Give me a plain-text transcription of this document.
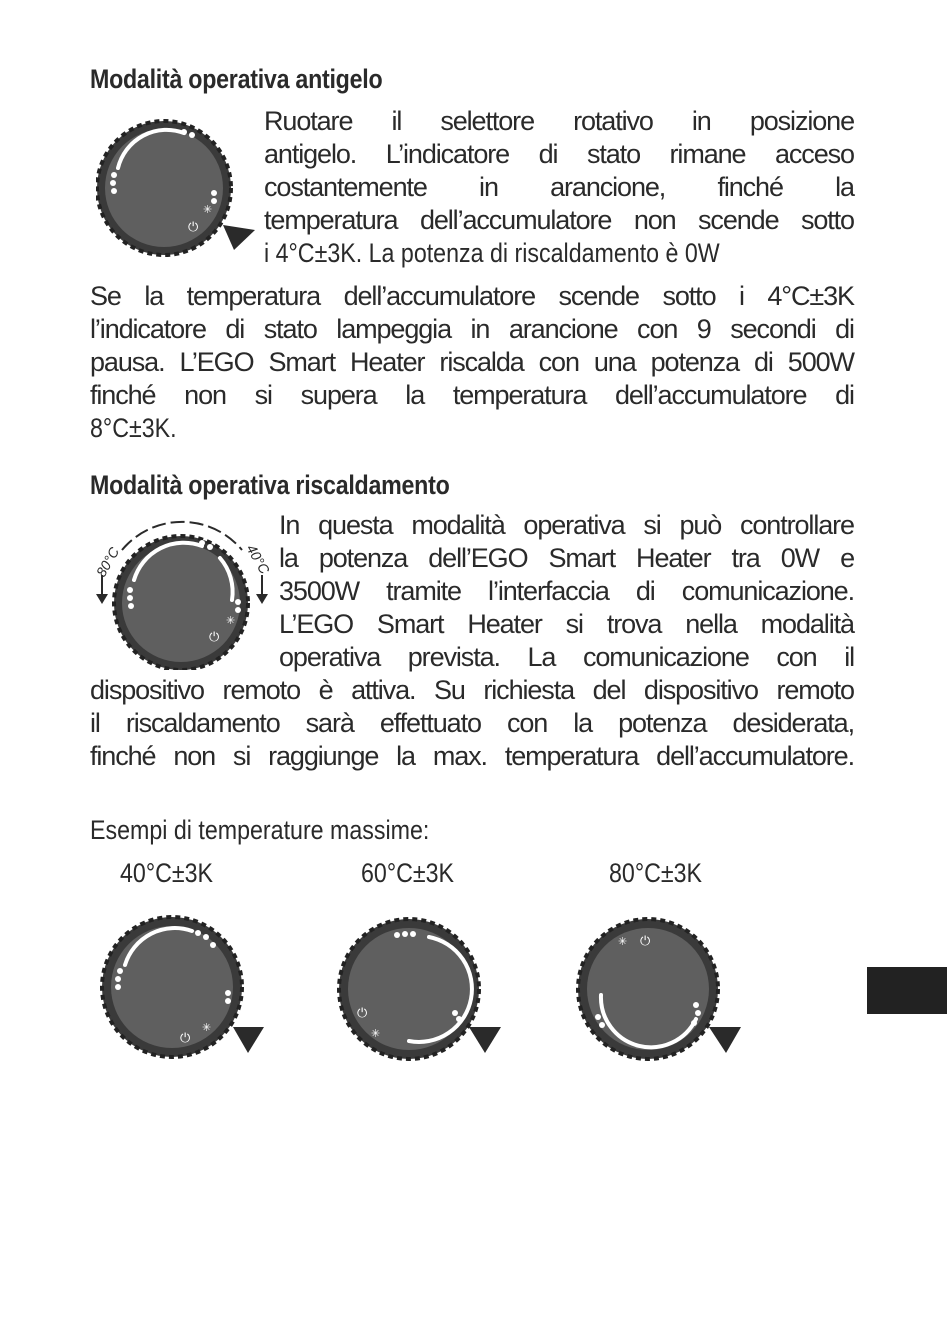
Modalità operativa antigelo
✳
⏻
Ruotare il selettore rotativo in posizione
antigelo. L’indicatore di stato rimane acceso
costantemente in arancione, finché la
temperatura dell’accumulatore non scende sotto
i 4°C±3K. La potenza di riscaldamento è 0W
Se la temperatura dell’accumulatore scende sotto i 4°C±3K
l’indicatore di stato lampeggia in arancione con 9 secondi di
pausa. L’EGO Smart Heater riscalda con una potenza di 500W
finché non si supera la temperatura dell’accumulatore di
8°C±3K.
Modalità operativa riscaldamento
80°C	40°C
✳
⏻
In questa modalità operativa si può controllare
la potenza dell’EGO Smart Heater tra 0W e
3500W tramite l’interfaccia di comunicazione.
L’EGO Smart Heater si trova nella modalità
operativa prevista. La comunicazione con il
dispositivo remoto è attiva. Su richiesta del dispositivo remoto
il riscaldamento sarà effettuato con la potenza desiderata,
finché non si raggiunge la max. temperatura dell’accumulatore.
Esempi di temperature massime:
40°C±3K	60°C±3K	80°C±3K
✳
⏻
⏻
✳
✳ ⏻
